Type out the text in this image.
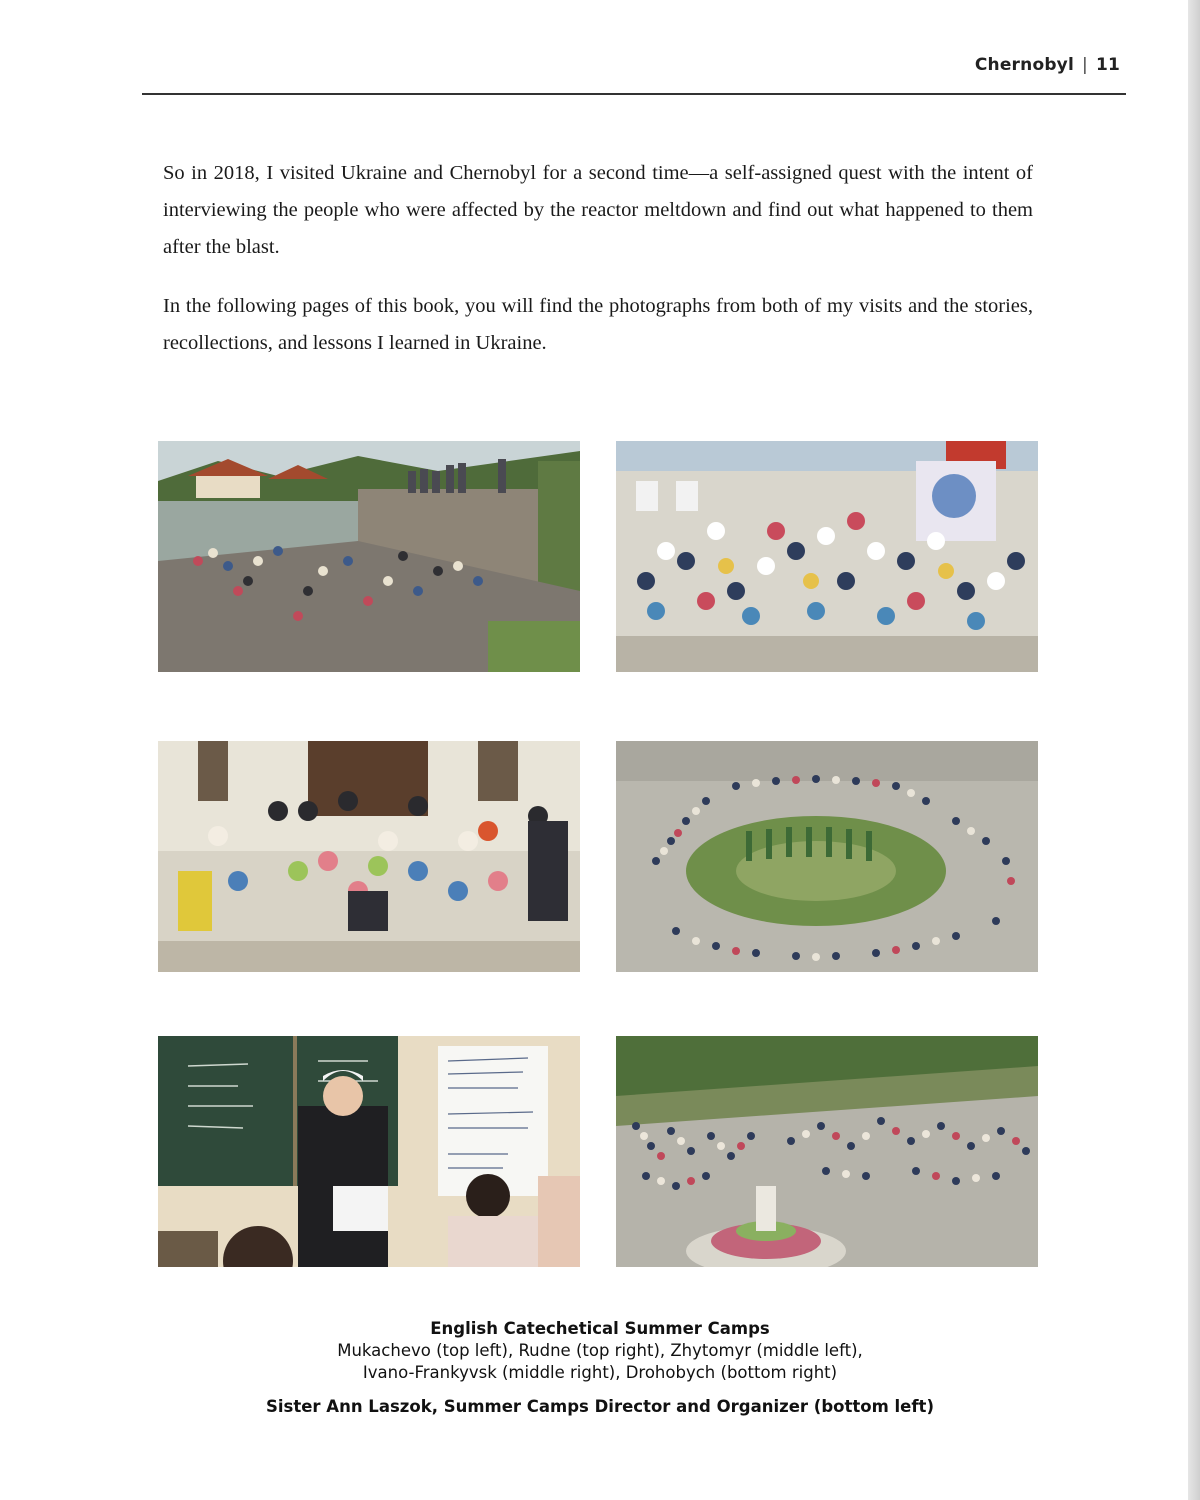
Chernobyl | 11

So in 2018, I visited Ukraine and Chernobyl for a second time—a self-assigned quest with the intent of interviewing the people who were affected by the reactor meltdown and find out what happened to them after the blast.

In the following pages of this book, you will find the photographs from both of my visits and the stories, recollections, and lessons I learned in Ukraine.

English Catechetical Summer Camps
Mukachevo (top left), Rudne (top right), Zhytomyr (middle left),
Ivano-Frankyvsk (middle right), Drohobych (bottom right)
Sister Ann Laszok, Summer Camps Director and Organizer (bottom left)
